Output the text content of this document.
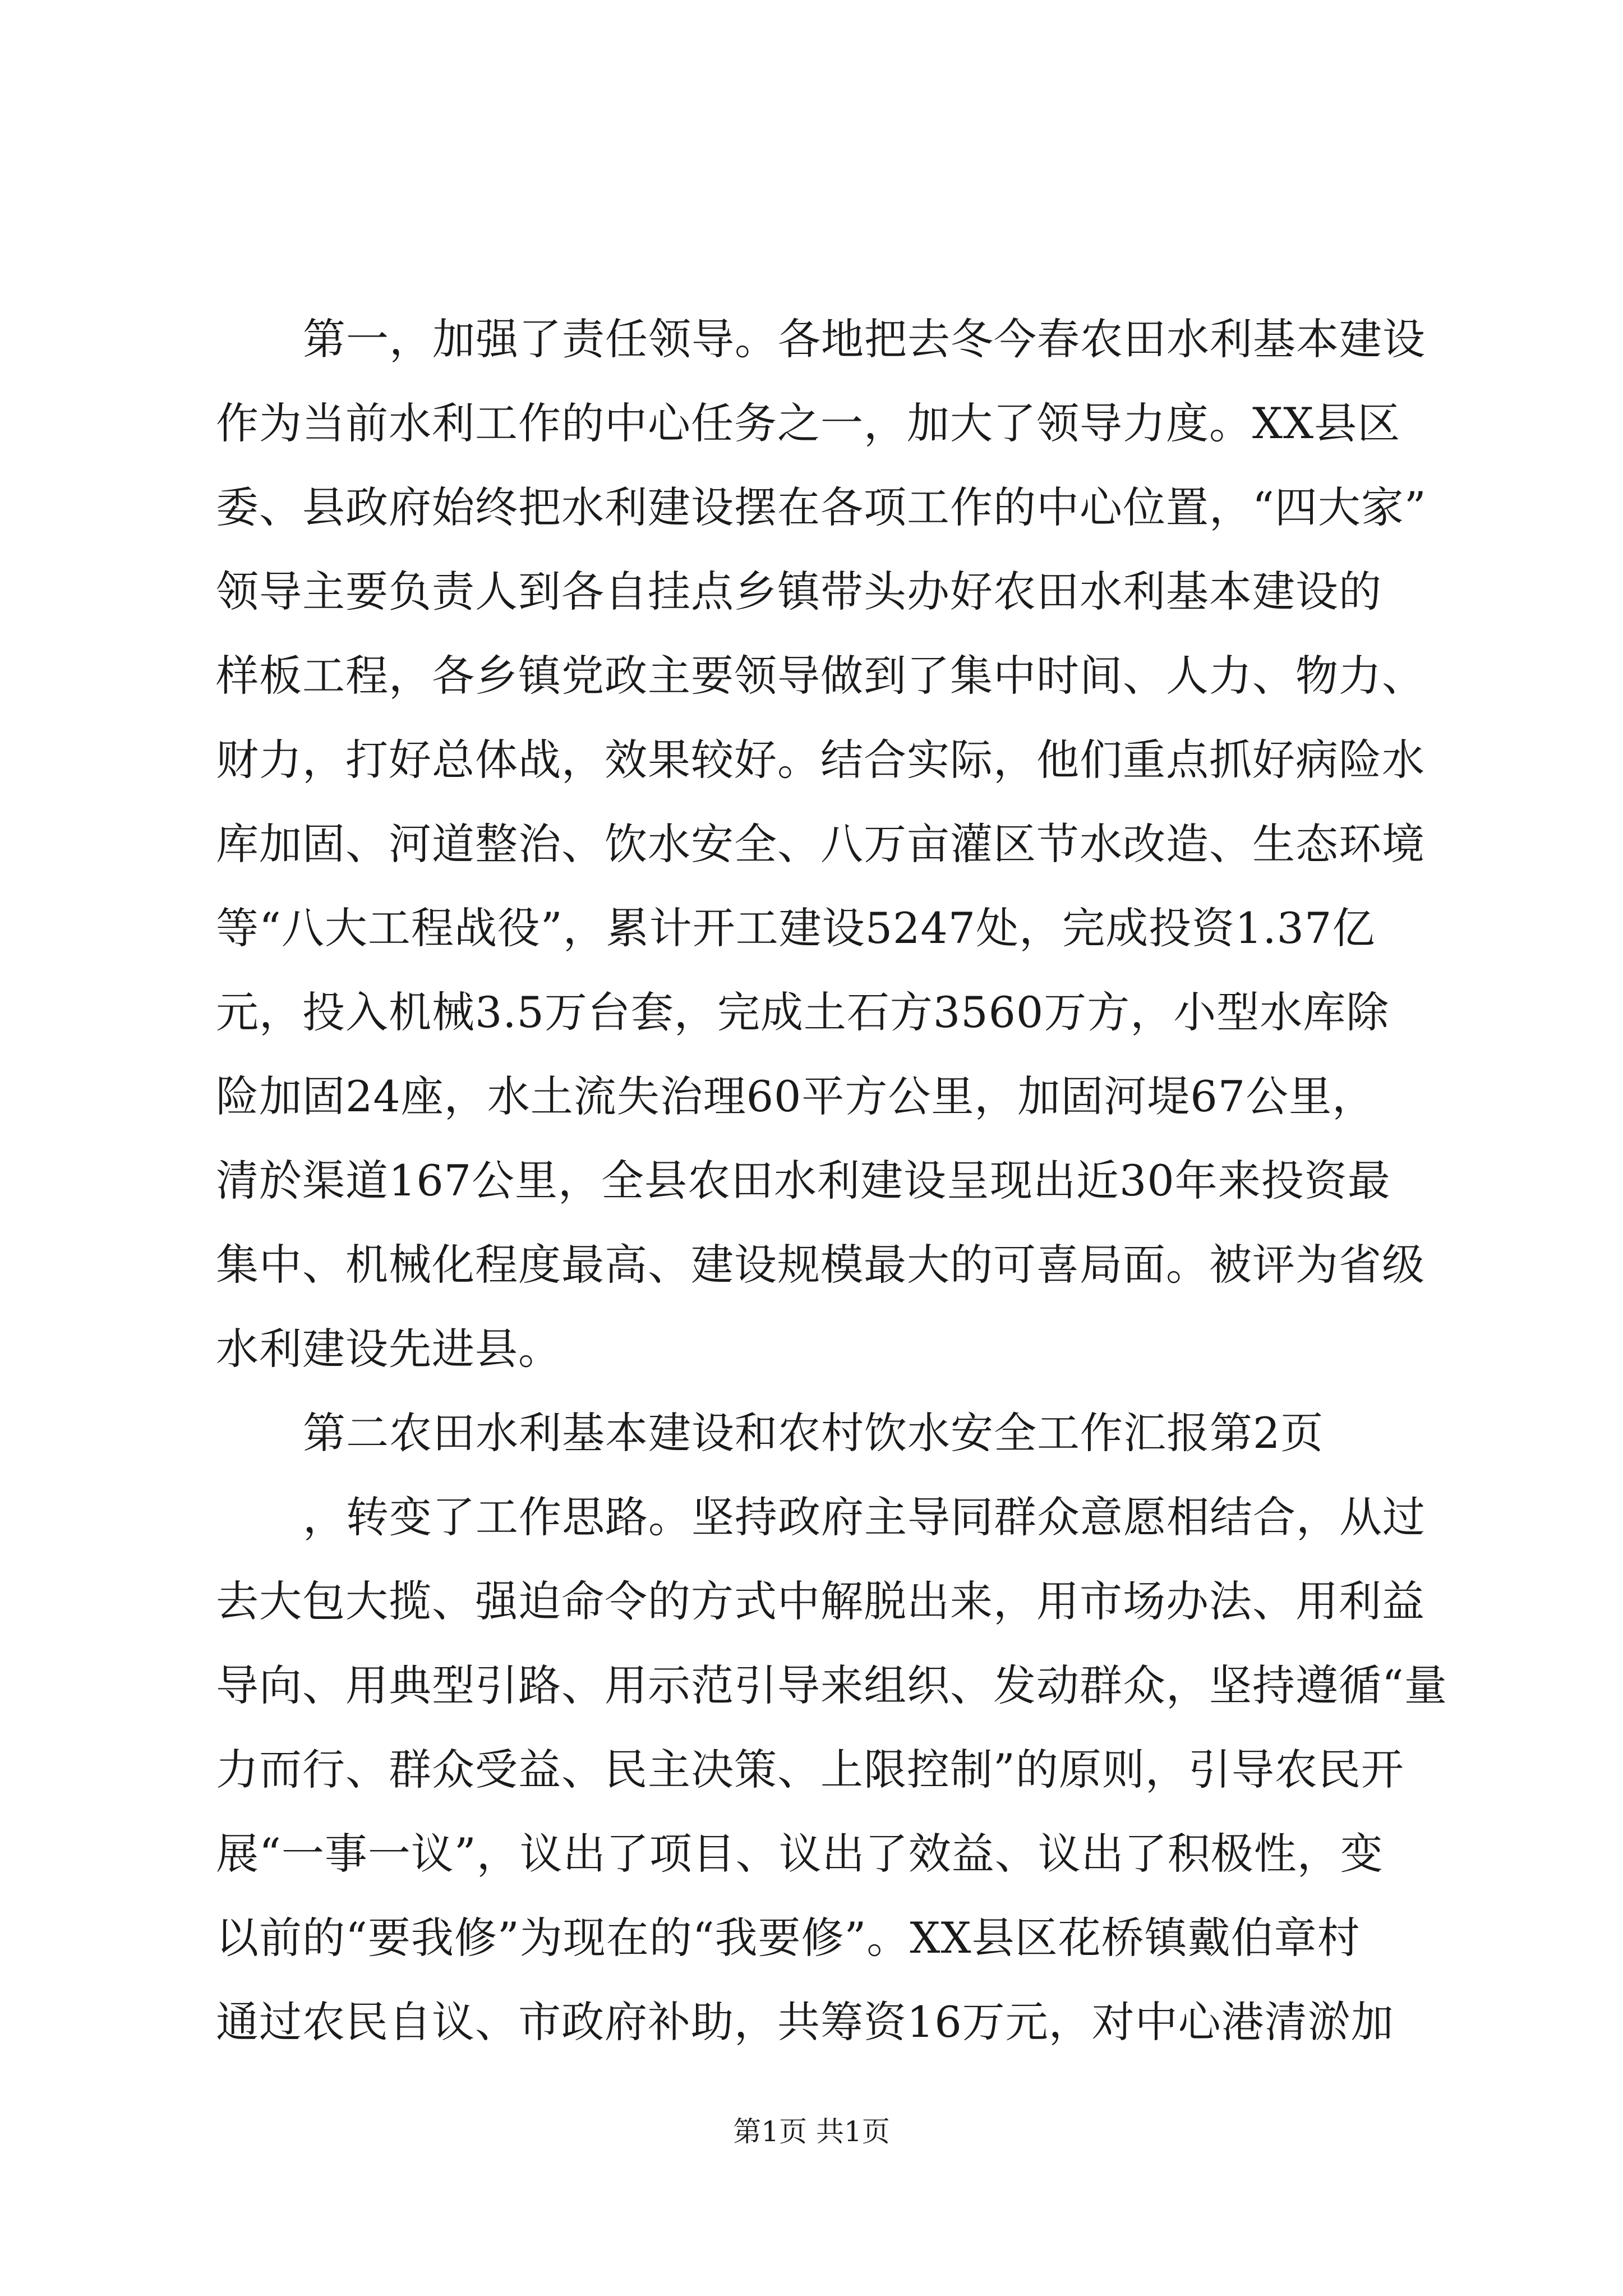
第一，加强了责任领导。各地把去冬今春农田水利基本建设
作为当前水利工作的中心任务之一，加大了领导力度。XX县区
委、县政府始终把水利建设摆在各项工作的中心位置，“四大家”
领导主要负责人到各自挂点乡镇带头办好农田水利基本建设的
样板工程，各乡镇党政主要领导做到了集中时间、人力、物力、
财力，打好总体战，效果较好。结合实际，他们重点抓好病险水
库加固、河道整治、饮水安全、八万亩灌区节水改造、生态环境
等“八大工程战役”，累计开工建设5247处，完成投资1.37亿
元，投入机械3.5万台套，完成土石方3560万方，小型水库除
险加固24座，水土流失治理60平方公里，加固河堤67公里，
清於渠道167公里，全县农田水利建设呈现出近30年来投资最
集中、机械化程度最高、建设规模最大的可喜局面。被评为省级
水利建设先进县。
第二农田水利基本建设和农村饮水安全工作汇报第2页
，转变了工作思路。坚持政府主导同群众意愿相结合，从过
去大包大揽、强迫命令的方式中解脱出来，用市场办法、用利益
导向、用典型引路、用示范引导来组织、发动群众，坚持遵循“量
力而行、群众受益、民主决策、上限控制”的原则，引导农民开
展“一事一议”，议出了项目、议出了效益、议出了积极性，变
以前的“要我修”为现在的“我要修”。XX县区花桥镇戴伯章村
通过农民自议、市政府补助，共筹资16万元，对中心港清淤加
第1页 共1页
